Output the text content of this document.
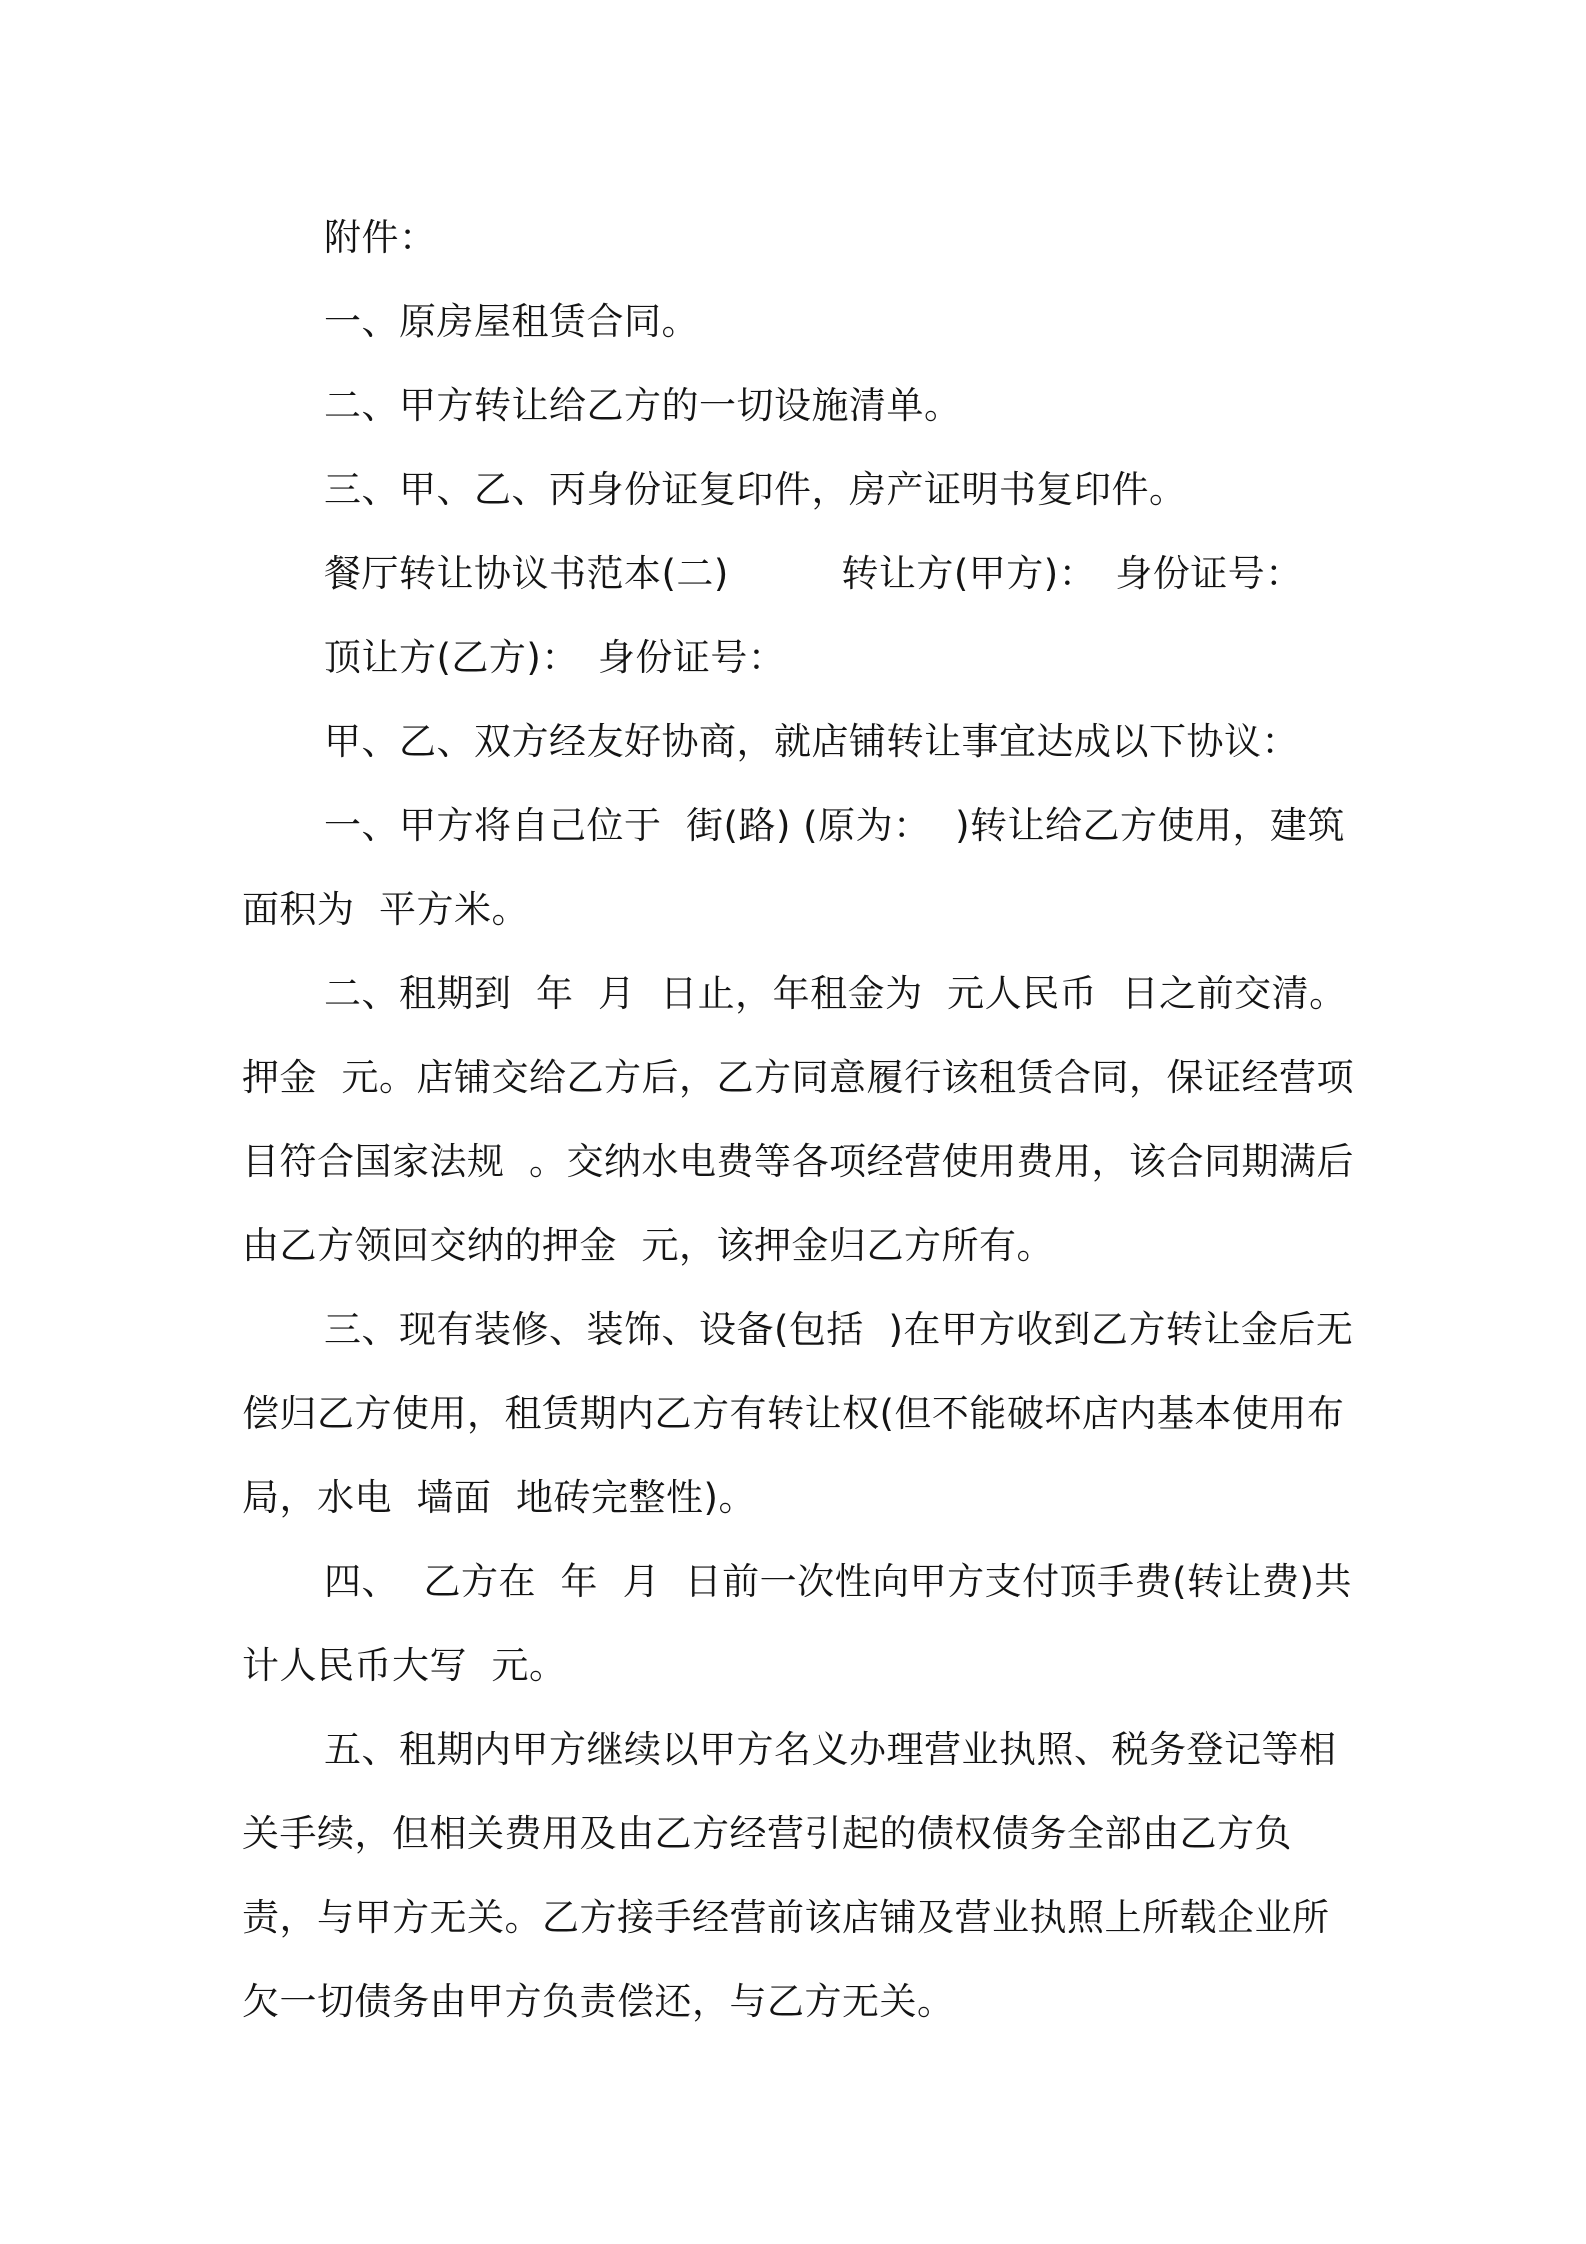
附件：

一、原房屋租赁合同。

二、甲方转让给乙方的一切设施清单。

三、甲、乙、丙身份证复印件，房产证明书复印件。

餐厅转让协议书范本(二)　　　转让方(甲方)：　身份证号：

顶让方(乙方)：　身份证号：

甲、乙、双方经友好协商，就店铺转让事宜达成以下协议：

一、甲方将自己位于  街(路) (原为：  )转让给乙方使用，建筑面积为  平方米。

二、租期到  年  月  日止，年租金为  元人民币  日之前交清。押金  元。店铺交给乙方后，乙方同意履行该租赁合同，保证经营项目符合国家法规  。交纳水电费等各项经营使用费用，该合同期满后由乙方领回交纳的押金  元，该押金归乙方所有。

三、现有装修、装饰、设备(包括  )在甲方收到乙方转让金后无偿归乙方使用，租赁期内乙方有转让权(但不能破坏店内基本使用布局，水电  墙面  地砖完整性)。

四、  乙方在  年  月  日前一次性向甲方支付顶手费(转让费)共计人民币大写  元。

五、租期内甲方继续以甲方名义办理营业执照、税务登记等相关手续，但相关费用及由乙方经营引起的债权债务全部由乙方负责，与甲方无关。乙方接手经营前该店铺及营业执照上所载企业所欠一切债务由甲方负责偿还，与乙方无关。
